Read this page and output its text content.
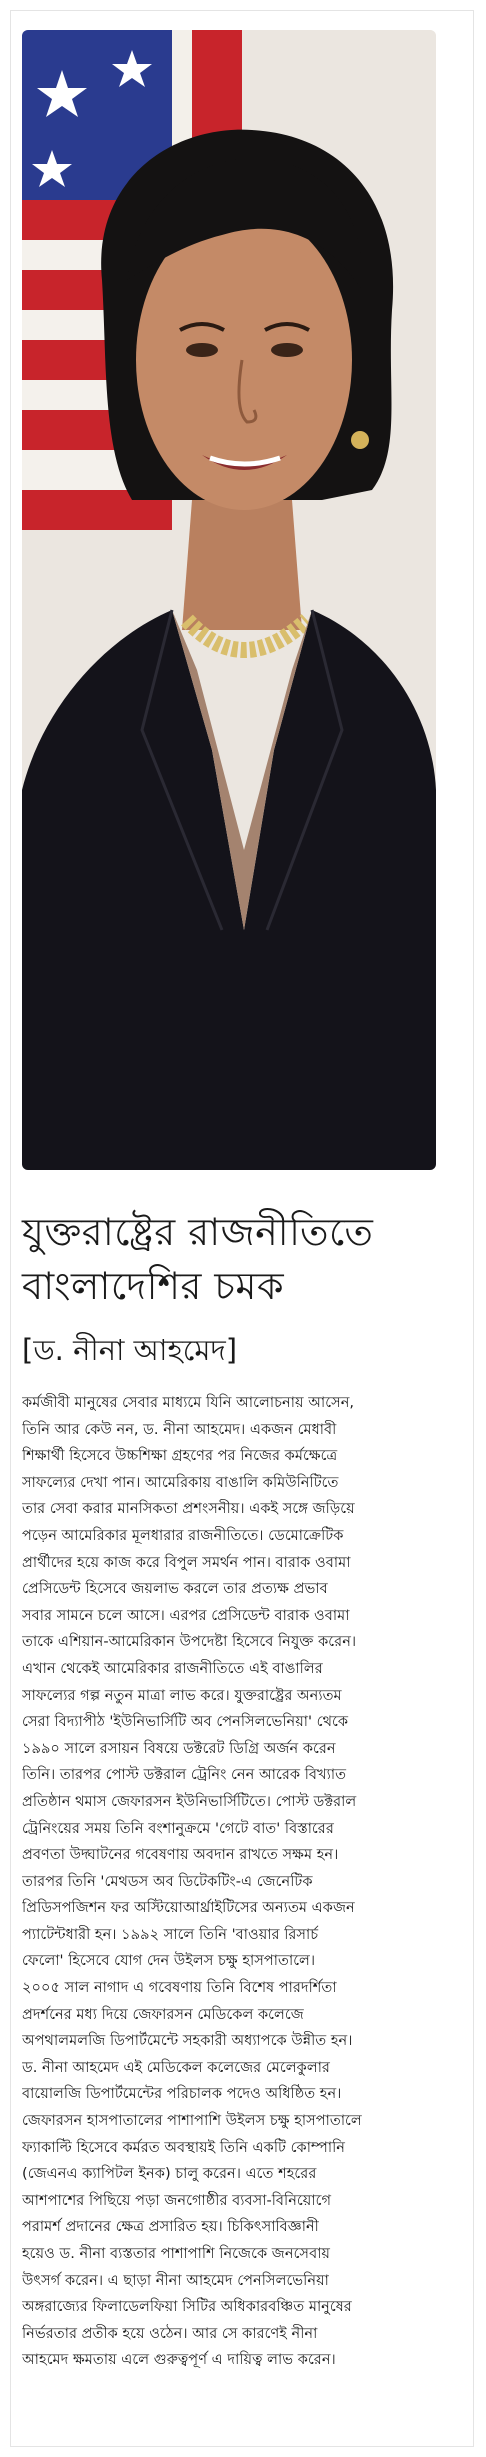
যুক্তরাষ্ট্রের রাজনীতিতে
বাংলাদেশির চমক
[ড. নীনা আহমেদ]
কর্মজীবী মানুষের সেবার মাধ্যমে যিনি আলোচনায় আসেন,
তিনি আর কেউ নন, ড. নীনা আহমেদ। একজন মেধাবী
শিক্ষার্থী হিসেবে উচ্চশিক্ষা গ্রহণের পর নিজের কর্মক্ষেত্রে
সাফল্যের দেখা পান। আমেরিকায় বাঙালি কমিউনিটিতে
তার সেবা করার মানসিকতা প্রশংসনীয়। একই সঙ্গে জড়িয়ে
পড়েন আমেরিকার মূলধারার রাজনীতিতে। ডেমোক্রেটিক
প্রার্থীদের হয়ে কাজ করে বিপুল সমর্থন পান। বারাক ওবামা
প্রেসিডেন্ট হিসেবে জয়লাভ করলে তার প্রত্যক্ষ প্রভাব
সবার সামনে চলে আসে। এরপর প্রেসিডেন্ট বারাক ওবামা
তাকে এশিয়ান-আমেরিকান উপদেষ্টা হিসেবে নিযুক্ত করেন।
এখান থেকেই আমেরিকার রাজনীতিতে এই বাঙালির
সাফল্যের গল্প নতুন মাত্রা লাভ করে। যুক্তরাষ্ট্রের অন্যতম
সেরা বিদ্যাপীঠ 'ইউনিভার্সিটি অব পেনসিলভেনিয়া' থেকে
১৯৯০ সালে রসায়ন বিষয়ে ডক্টরেট ডিগ্রি অর্জন করেন
তিনি। তারপর পোস্ট ডক্টরাল ট্রেনিং নেন আরেক বিখ্যাত
প্রতিষ্ঠান থমাস জেফারসন ইউনিভার্সিটিতে। পোস্ট ডক্টরাল
ট্রেনিংয়ের সময় তিনি বংশানুক্রমে 'গেটে বাত' বিস্তারের
প্রবণতা উদ্ঘাটনের গবেষণায় অবদান রাখতে সক্ষম হন।
তারপর তিনি 'মেথডস অব ডিটেকটিং-এ জেনেটিক
প্রিডিসপজিশন ফর অস্টিয়োআর্থ্রাইটিসের অন্যতম একজন
প্যাটেন্টধারী হন। ১৯৯২ সালে তিনি 'বাওয়ার রিসার্চ
ফেলো' হিসেবে যোগ দেন উইলস চক্ষু হাসপাতালে।
২০০৫ সাল নাগাদ এ গবেষণায় তিনি বিশেষ পারদর্শিতা
প্রদর্শনের মধ্য দিয়ে জেফারসন মেডিকেল কলেজে
অপথালমলজি ডিপার্টমেন্টে সহকারী অধ্যাপকে উন্নীত হন।
ড. নীনা আহমেদ এই মেডিকেল কলেজের মেলেকুলার
বায়োলজি ডিপার্টমেন্টের পরিচালক পদেও অধিষ্ঠিত হন।
জেফারসন হাসপাতালের পাশাপাশি উইলস চক্ষু হাসপাতালে
ফ্যাকাল্টি হিসেবে কর্মরত অবস্থায়ই তিনি একটি কোম্পানি
(জেএনএ ক্যাপিটল ইনক) চালু করেন। এতে শহরের
আশপাশের পিছিয়ে পড়া জনগোষ্ঠীর ব্যবসা-বিনিয়োগে
পরামর্শ প্রদানের ক্ষেত্র প্রসারিত হয়। চিকিৎসাবিজ্ঞানী
হয়েও ড. নীনা ব্যস্ততার পাশাপাশি নিজেকে জনসেবায়
উৎসর্গ করেন। এ ছাড়া নীনা আহমেদ পেনসিলভেনিয়া
অঙ্গরাজ্যের ফিলাডেলফিয়া সিটির অধিকারবঞ্চিত মানুষের
নির্ভরতার প্রতীক হয়ে ওঠেন। আর সে কারণেই নীনা
আহমেদ ক্ষমতায় এলে গুরুত্বপূর্ণ এ দায়িত্ব লাভ করেন।
